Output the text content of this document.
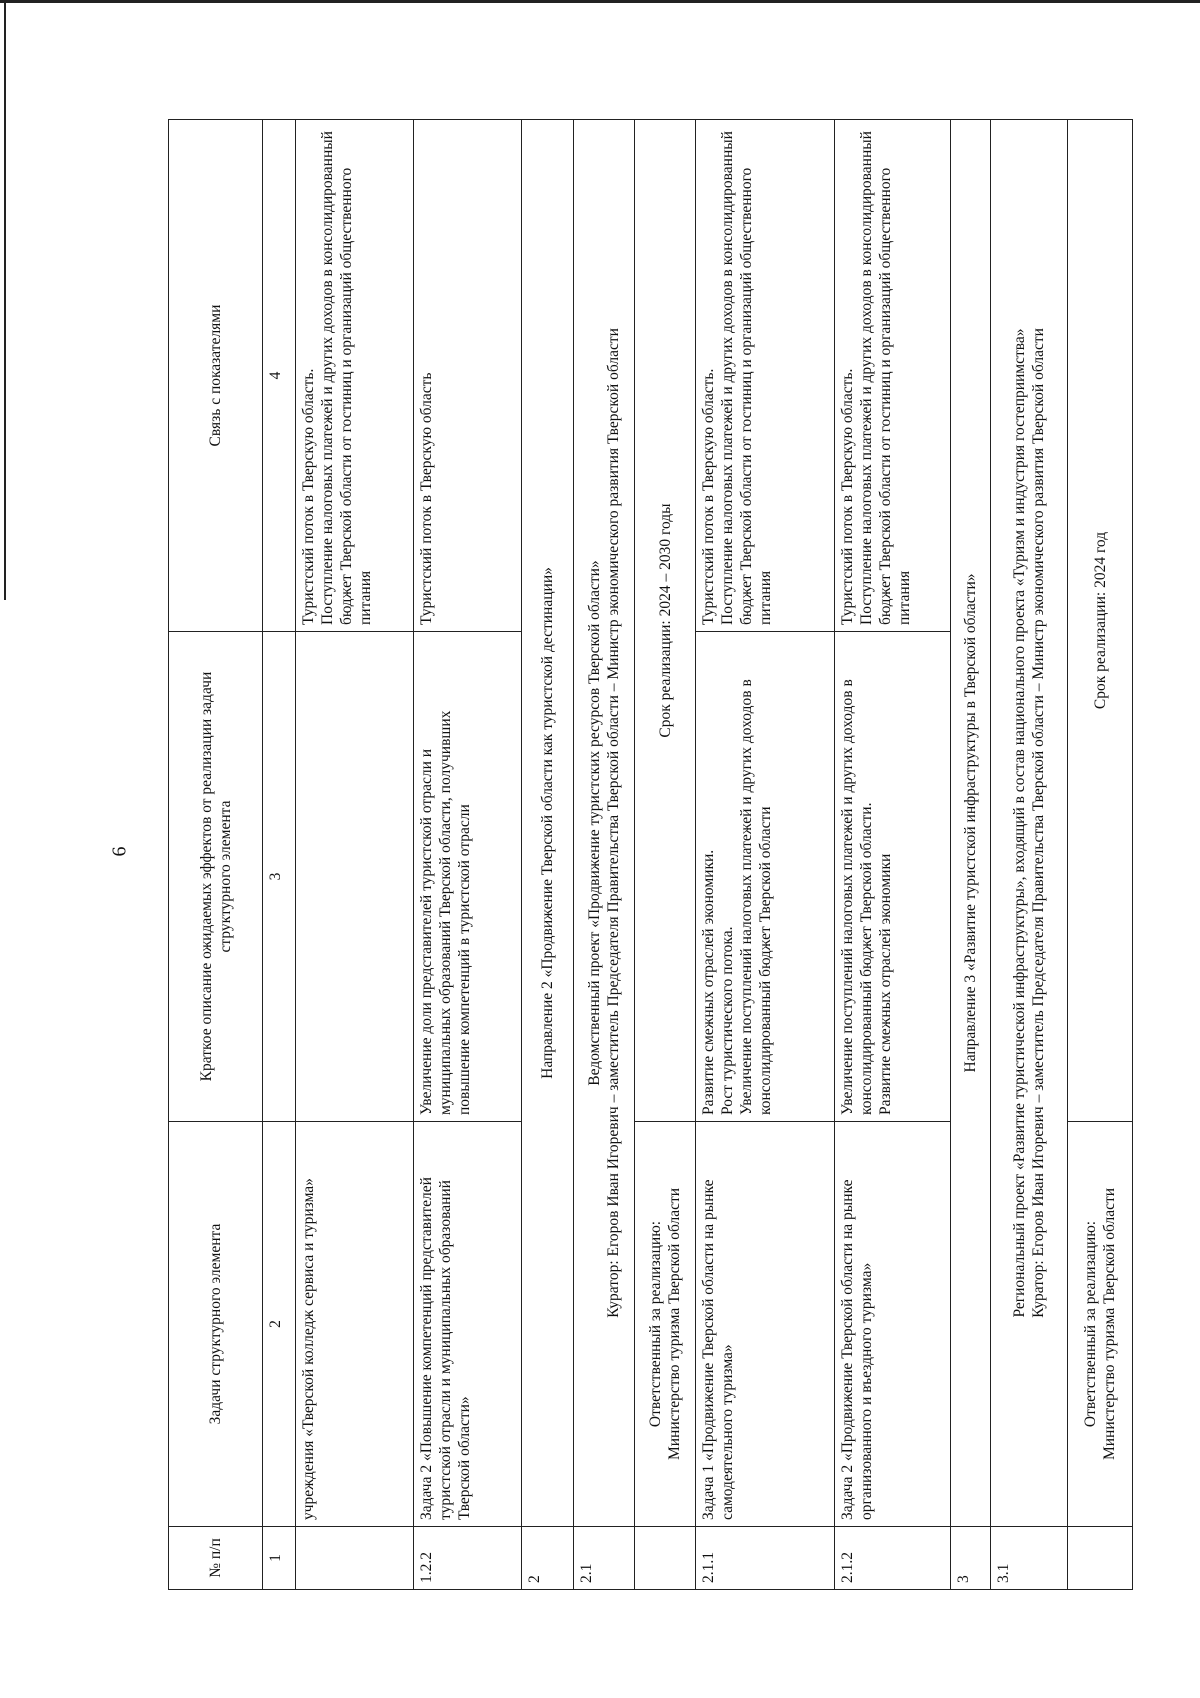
6
№ п/п	Задачи структурного элемента	Краткое описание ожидаемых эффектов от реализации задачи структурного элемента	Связь с показателями
1	2	3	4
	учреждения «Тверской колледж сервиса и туризма»		Туристский поток в Тверскую область. Поступление налоговых платежей и других доходов в консолидированный бюджет Тверской области от гостиниц и организаций общественного питания

1.2.2	Задача 2 «Повышение компетенций представителей туристской отрасли и муниципальных образований Тверской области»	Увеличение доли представителей туристской отрасли и муниципальных образований Тверской области, получивших повышение компетенций в туристской отрасли	Туристский поток в Тверскую область
2	Направление 2 «Продвижение Тверской области как туристской дестинации»		
2.1	Ведомственный проект «Продвижение туристских ресурсов Тверской области» Куратор: Егоров Иван Игоревич – заместитель Председателя Правительства Тверской области – Министр экономического развития Тверской области		

	Ответственный за реализацию: Министерство туризма Тверской области	Срок реализации: 2024 – 2030 годы	
2.1.1	Задача 1 «Продвижение Тверской области на рынке самодеятельного туризма»	Развитие смежных отраслей экономики. Рост туристического потока. Увеличение поступлений налоговых платежей и других доходов в консолидированный бюджет Тверской области	Туристский поток в Тверскую область. Поступление налоговых платежей и других доходов в консолидированный бюджет Тверской области от гостиниц и организаций общественного питания

2.1.2	Задача 2 «Продвижение Тверской области на рынке организованного и въездного туризма»	Увеличение поступлений налоговых платежей и других доходов в консолидированный бюджет Тверской области. Развитие смежных отраслей экономики	Туристский поток в Тверскую область. Поступление налоговых платежей и других доходов в консолидированный бюджет Тверской области от гостиниц и организаций общественного питания

3	Направление 3 «Развитие туристской инфраструктуры в Тверской области»		
3.1	Региональный проект «Развитие туристической инфраструктуры», входящий в состав национального проекта «Туризм и индустрия гостеприимства» Куратор: Егоров Иван Игоревич – заместитель Председателя Правительства Тверской области – Министр экономического развития Тверской области		

	Ответственный за реализацию: Министерство туризма Тверской области	Срок реализации: 2024 год	
